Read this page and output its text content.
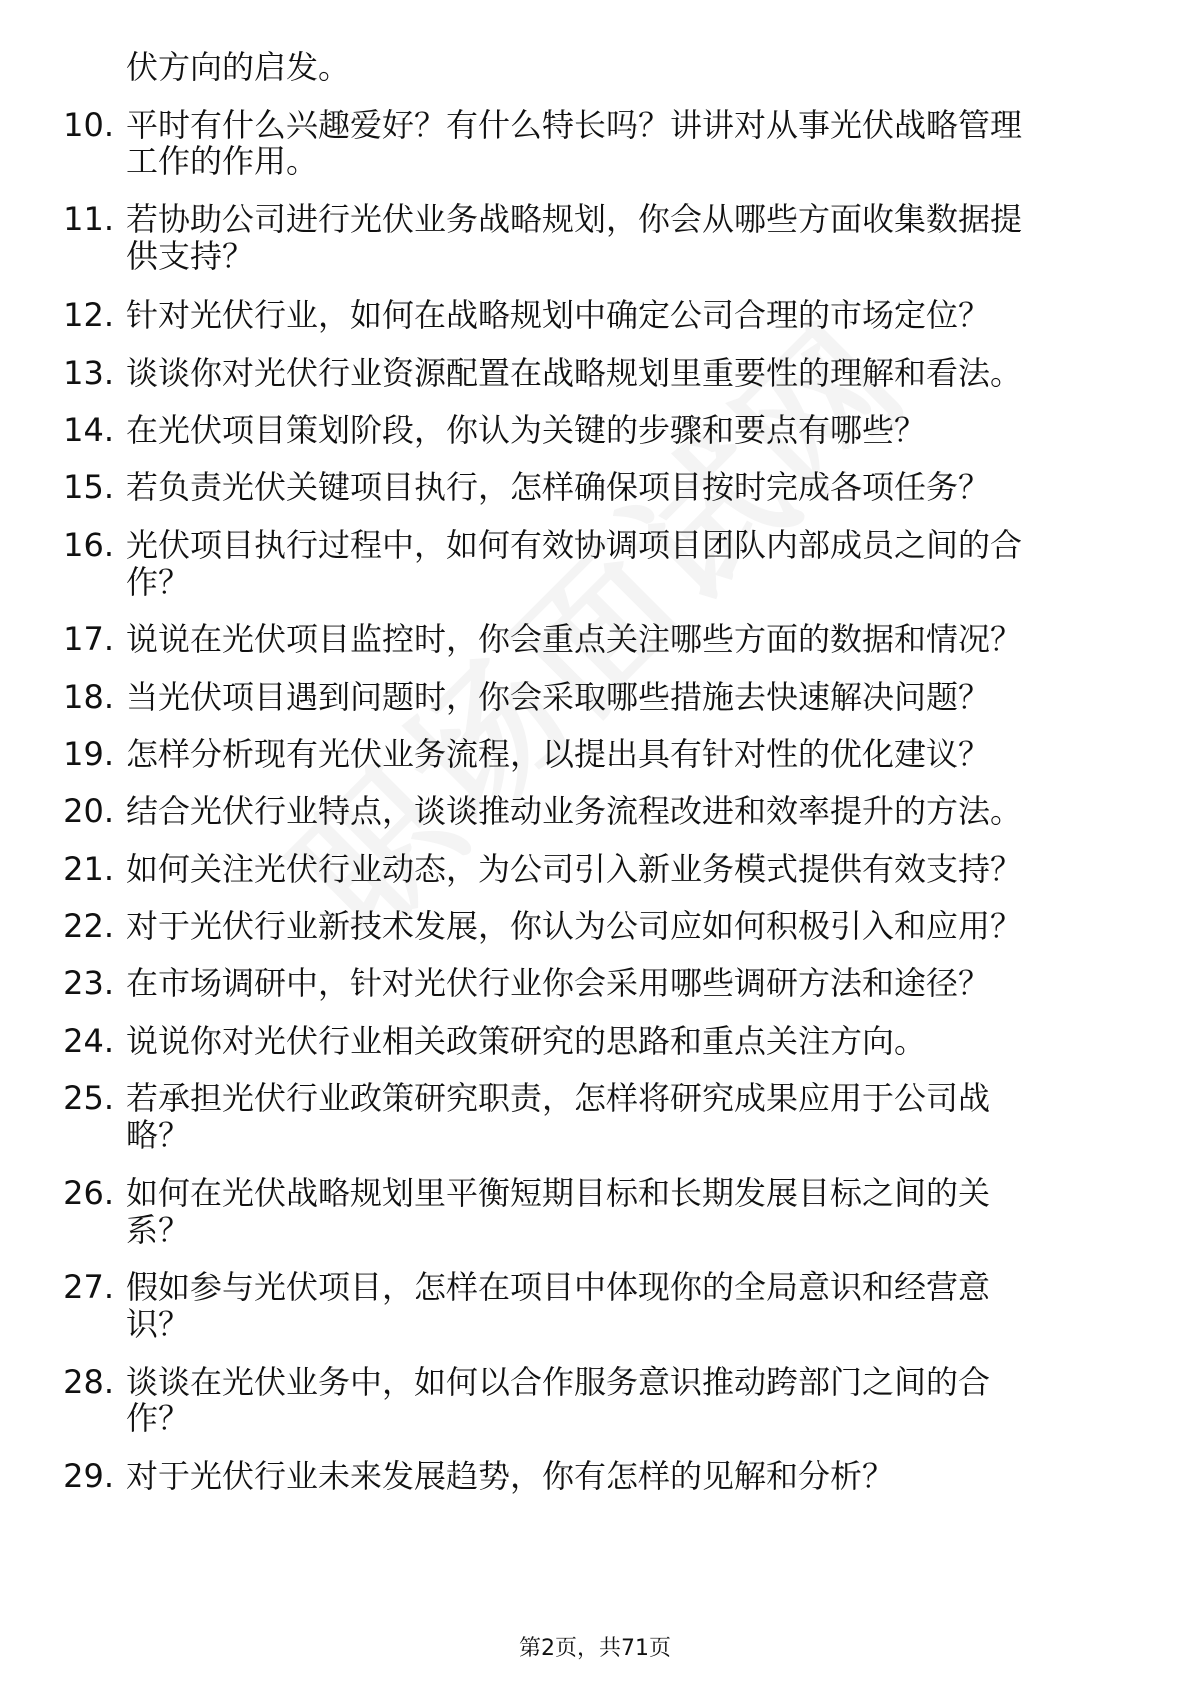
伏方向的启发。
10. 平时有什么兴趣爱好？有什么特长吗？讲讲对从事光伏战略管理
工作的作用。
11. 若协助公司进行光伏业务战略规划，你会从哪些方面收集数据提
供支持？
12. 针对光伏行业，如何在战略规划中确定公司合理的市场定位？
13. 谈谈你对光伏行业资源配置在战略规划里重要性的理解和看法。
14. 在光伏项目策划阶段，你认为关键的步骤和要点有哪些？
15. 若负责光伏关键项目执行，怎样确保项目按时完成各项任务？
16. 光伏项目执行过程中，如何有效协调项目团队内部成员之间的合
作？
17. 说说在光伏项目监控时，你会重点关注哪些方面的数据和情况？
18. 当光伏项目遇到问题时，你会采取哪些措施去快速解决问题？
19. 怎样分析现有光伏业务流程，以提出具有针对性的优化建议？
20. 结合光伏行业特点，谈谈推动业务流程改进和效率提升的方法。
21. 如何关注光伏行业动态，为公司引入新业务模式提供有效支持？
22. 对于光伏行业新技术发展，你认为公司应如何积极引入和应用？
23. 在市场调研中，针对光伏行业你会采用哪些调研方法和途径？
24. 说说你对光伏行业相关政策研究的思路和重点关注方向。
25. 若承担光伏行业政策研究职责，怎样将研究成果应用于公司战
略？
26. 如何在光伏战略规划里平衡短期目标和长期发展目标之间的关
系？
27. 假如参与光伏项目，怎样在项目中体现你的全局意识和经营意
识？
28. 谈谈在光伏业务中，如何以合作服务意识推动跨部门之间的合
作？
29. 对于光伏行业未来发展趋势，你有怎样的见解和分析？
第2页，共71页
